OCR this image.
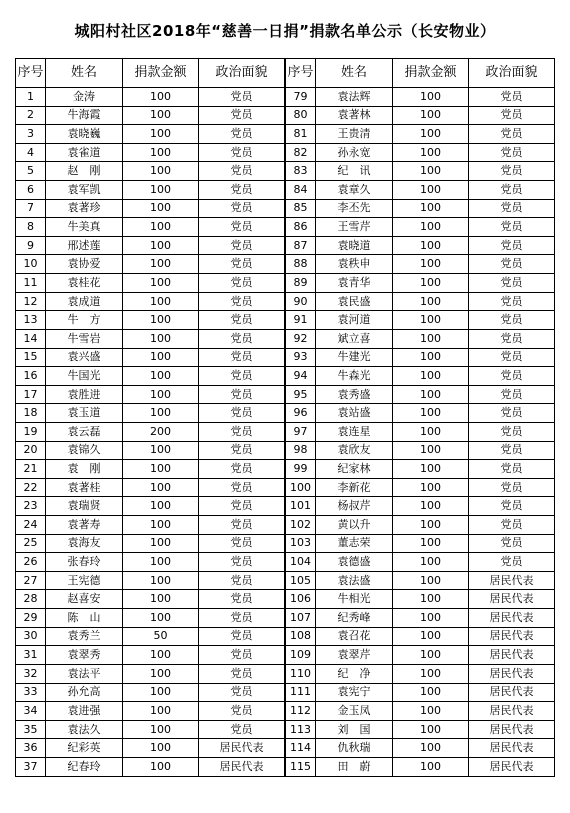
城阳村社区2018年“慈善一日捐”捐款名单公示（长安物业）
序号	姓名	捐款金额	政治面貌
1	金涛	100	党员
2	牛海霞	100	党员
3	袁晓巍	100	党员
4	袁雀道	100	党员
5	赵　刚	100	党员
6	袁军凯	100	党员
7	袁著珍	100	党员
8	牛美真	100	党员
9	邢述莲	100	党员
10	袁协爱	100	党员
11	袁桂花	100	党员
12	袁成道	100	党员
13	牛　方	100	党员
14	牛雪岩	100	党员
15	袁兴盛	100	党员
16	牛国光	100	党员
17	袁胜进	100	党员
18	袁玉道	100	党员
19	袁云磊	200	党员
20	袁锦久	100	党员
21	袁　刚	100	党员
22	袁著桂	100	党员
23	袁瑞贤	100	党员
24	袁著寿	100	党员
25	袁海友	100	党员
26	张春玲	100	党员
27	王宪德	100	党员
28	赵喜安	100	党员
29	陈　山	100	党员
30	袁秀兰	50	党员
31	袁翠秀	100	党员
32	袁法平	100	党员
33	孙允高	100	党员
34	袁进强	100	党员
35	袁法久	100	党员
36	纪彩英	100	居民代表
37	纪春玲	100	居民代表
序号	姓名	捐款金额	政治面貌
79	袁法辉	100	党员
80	袁著林	100	党员
81	王贵清	100	党员
82	孙永宽	100	党员
83	纪　讯	100	党员
84	袁章久	100	党员
85	李丕先	100	党员
86	王雪芹	100	党员
87	袁晓道	100	党员
88	袁秩申	100	党员
89	袁青华	100	党员
90	袁民盛	100	党员
91	袁河道	100	党员
92	斌立喜	100	党员
93	牛建光	100	党员
94	牛森光	100	党员
95	袁秀盛	100	党员
96	袁站盛	100	党员
97	袁连星	100	党员
98	袁欣友	100	党员
99	纪家林	100	党员
100	李新花	100	党员
101	杨叔芹	100	党员
102	黄以升	100	党员
103	董志荣	100	党员
104	袁德盛	100	党员
105	袁法盛	100	居民代表
106	牛相光	100	居民代表
107	纪秀峰	100	居民代表
108	袁召花	100	居民代表
109	袁翠芹	100	居民代表
110	纪　净	100	居民代表
111	袁宪宁	100	居民代表
112	金玉凤	100	居民代表
113	刘　国	100	居民代表
114	仇秋瑞	100	居民代表
115	田　蔚	100	居民代表
